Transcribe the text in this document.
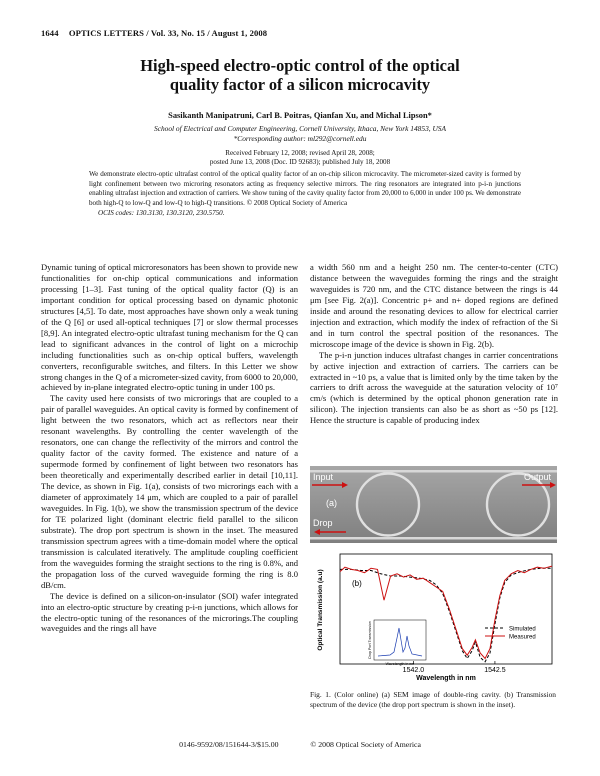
1644 OPTICS LETTERS / Vol. 33, No. 15 / August 1, 2008
High-speed electro-optic control of the optical
quality factor of a silicon microcavity
Sasikanth Manipatruni, Carl B. Poitras, Qianfan Xu, and Michal Lipson*
School of Electrical and Computer Engineering, Cornell University, Ithaca, New York 14853, USA
*Corresponding author: ml292@cornell.edu
Received February 12, 2008; revised April 28, 2008;
posted June 13, 2008 (Doc. ID 92683); published July 18, 2008
We demonstrate electro-optic ultrafast control of the optical quality factor of an on-chip silicon microcavity. The micrometer-sized cavity is formed by light confinement between two microring resonators acting as frequency selective mirrors. The ring resonators are integrated into p-i-n junctions enabling ultrafast injection and extraction of carriers. We show tuning of the cavity quality factor from 20,000 to 6,000 in under 100 ps. We demonstrate both high-Q to low-Q and low-Q to high-Q transitions. © 2008 Optical Society of America
OCIS codes: 130.3130, 130.3120, 230.5750.

Dynamic tuning of optical microresonators has been shown to provide new functionalities for on-chip optical communications and information processing [1–3]. Fast tuning of the optical quality factor (Q) is an important condition for optical processing based on dynamic photonic structures [4,5]. To date, most approaches have shown only a weak tuning of the Q [6] or used all-optical techniques [7] or slow thermal processes [8,9]. An integrated electro-optic ultrafast tuning mechanism for the Q can lead to significant advances in the control of light on a microchip including functionalities such as on-chip optical buffers, wavelength converters, reconfigurable switches, and filters. In this Letter we show strong changes in the Q of a micrometer-sized cavity, from 6000 to 20,000, achieved by in-plane integrated electro-optic tuning in under 100 ps.

The cavity used here consists of two microrings that are coupled to a pair of parallel waveguides. An optical cavity is formed by confinement of light between the two resonators, which act as reflectors near their resonant wavelengths. By controlling the center wavelength of the resonators, one can change the reflectivity of the mirrors and control the quality factor of the cavity formed. The existence and nature of a supermode formed by confinement of light between two resonators has been theoretically and experimentally described earlier in detail [10,11]. The device, as shown in Fig. 1(a), consists of two microrings each with a diameter of approximately 14 μm, which are coupled to a pair of parallel waveguides. In Fig. 1(b), we show the transmission spectrum of the device for TE polarized light (dominant electric field parallel to the silicon substrate). The drop port spectrum is shown in the inset. The measured transmission spectrum agrees with a time-domain model where the optical transmission is calculated iteratively. The amplitude coupling coefficient from the waveguides forming the straight sections to the ring is 0.8%, and the propagation loss of the curved waveguide forming the ring is 8.0 dB/cm.

The device is defined on a silicon-on-insulator (SOI) wafer integrated into an electro-optic structure by creating p-i-n junctions, which allows for the electro-optic tuning of the resonances of the microrings.The coupling waveguides and the rings all have

a width 560 nm and a height 250 nm. The center-to-center (CTC) distance between the waveguides forming the rings and the straight waveguides is 720 nm, and the CTC distance between the rings is 44 μm [see Fig. 2(a)]. Concentric p+ and n+ doped regions are defined inside and around the resonating devices to allow for electrical carrier injection and extraction, which modify the index of refraction of the Si and in turn control the spectral position of the resonances. The microscope image of the device is shown in Fig. 2(b).

The p-i-n junction induces ultrafast changes in carrier concentrations by active injection and extraction of carriers. The carriers can be extracted in ~10 ps, a value that is limited only by the time taken by the carriers to drift across the waveguide at the saturation velocity of 10⁷ cm/s (which is determined by the optical phonon generation rate in silicon). The injection transients can also be as short as ~50 ps [12]. Hence the structure is capable of producing index

Input	Output
Drop
(a)
1542.0	1542.5
(b)
Wavelength in nm
Optical Transmission (a.u)	Simulated
Measured
Drop Port Transmission
Wavelength in nm
Fig. 1. (Color online) (a) SEM image of double-ring cavity. (b) Transmission spectrum of the device (the drop port spectrum is shown in the inset).
0146-9592/08/151644-3/$15.00	© 2008 Optical Society of America
